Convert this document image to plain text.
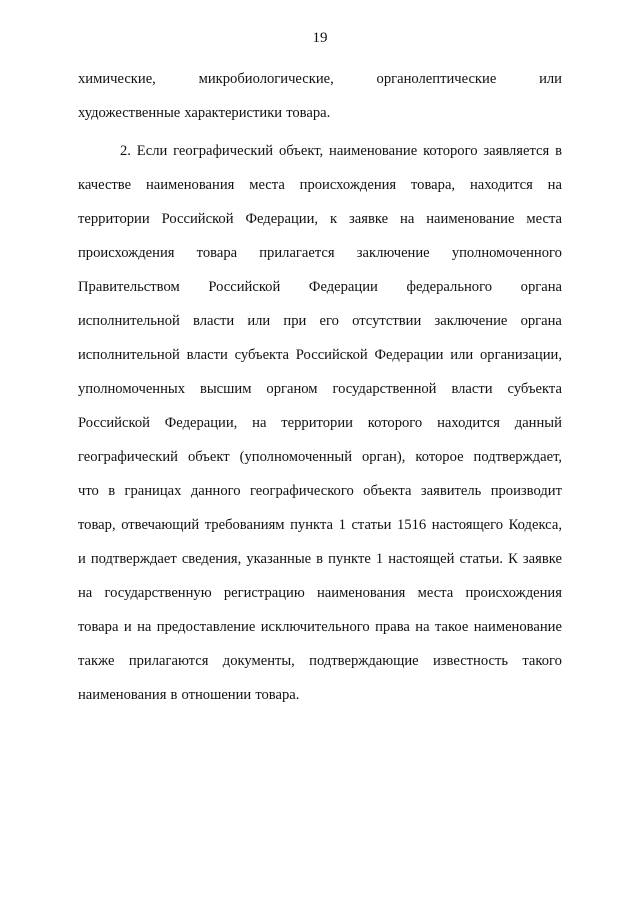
19
химические,	микробиологические,	органолептические	или
художественные характеристики товара.
2. Если географический объект, наименование которого заявляется в
качестве наименования места происхождения товара, находится на
территории Российской Федерации, к заявке на наименование места
происхождения товара прилагается заключение уполномоченного
Правительством Российской Федерации федерального органа
исполнительной власти или при его отсутствии заключение органа
исполнительной власти субъекта Российской Федерации или организации,
уполномоченных высшим органом государственной власти субъекта
Российской Федерации, на территории которого находится данный
географический объект (уполномоченный орган), которое подтверждает,
что в границах данного географического объекта заявитель производит
товар, отвечающий требованиям пункта 1 статьи 1516 настоящего Кодекса,
и подтверждает сведения, указанные в пункте 1 настоящей статьи. К заявке
на государственную регистрацию наименования места происхождения
товара и на предоставление исключительного права на такое наименование
также прилагаются документы, подтверждающие известность такого
наименования в отношении товара.
